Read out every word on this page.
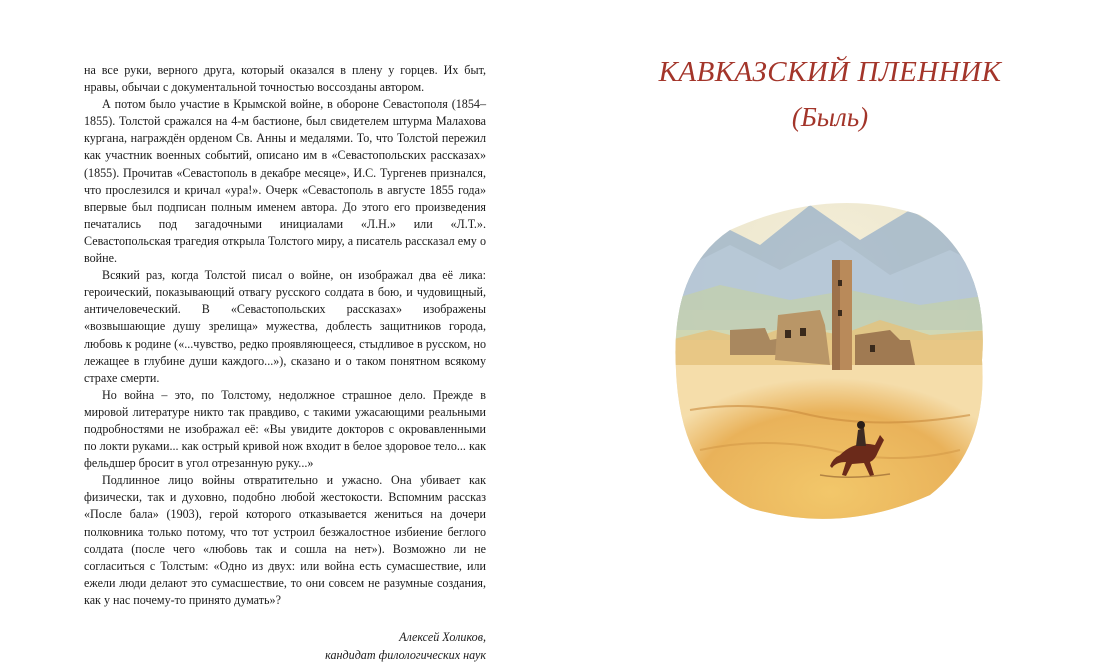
на все руки, верного друга, который оказался в плену у горцев. Их быт, нравы, обычаи с документальной точностью воссозданы автором.

А потом было участие в Крымской войне, в обороне Севастополя (1854–1855). Толстой сражался на 4-м бастионе, был свидетелем штурма Малахова кургана, награждён орденом Св. Анны и медалями. То, что Толстой пережил как участник военных событий, описано им в «Севастопольских рассказах» (1855). Прочитав «Севастополь в декабре месяце», И.С. Тургенев признался, что прослезился и кричал «ура!». Очерк «Севастополь в августе 1855 года» впервые был подписан полным именем автора. До этого его произведения печатались под загадочными инициалами «Л.Н.» или «Л.Т.». Севастопольская трагедия открыла Толстого миру, а писатель рассказал ему о войне.

Всякий раз, когда Толстой писал о войне, он изображал два её лика: героический, показывающий отвагу русского солдата в бою, и чудовищный, античеловеческий. В «Севастопольских рассказах» изображены «возвышающие душу зрелища» мужества, доблесть защитников города, любовь к родине («...чувство, редко проявляющееся, стыдливое в русском, но лежащее в глубине души каждого...»), сказано и о таком понятном всякому страхе смерти.

Но война – это, по Толстому, недолжное страшное дело. Прежде в мировой литературе никто так правдиво, с такими ужасающими реальными подробностями не изображал её: «Вы увидите докторов с окровавленными по локти руками... как острый кривой нож входит в белое здоровое тело... как фельдшер бросит в угол отрезанную руку...»

Подлинное лицо войны отвратительно и ужасно. Она убивает как физически, так и духовно, подобно любой жестокости. Вспомним рассказ «После бала» (1903), герой которого отказывается жениться на дочери полковника только потому, что тот устроил безжалостное избиение беглого солдата (после чего «любовь так и сошла на нет»). Возможно ли не согласиться с Толстым: «Одно из двух: или война есть сумасшествие, или ежели люди делают это сумасшествие, то они совсем не разумные создания, как у нас почему-то принято думать»?

Алексей Холиков,
кандидат филологических наук
КАВКАЗСКИЙ ПЛЕННИК
(Быль)
